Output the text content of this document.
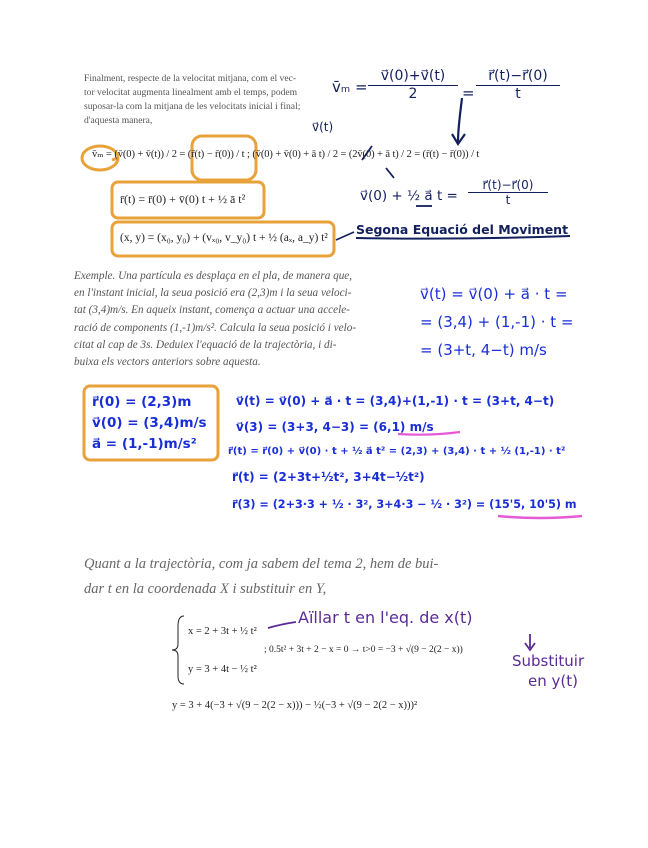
Finalment, respecte de la velocitat mitjana, com el vec-
tor velocitat augmenta linealment amb el temps, podem
suposar-la com la mitjana de les velocitats inicial i final;
d'aquesta manera,
v̄ₘ = $\frac{v⃗(0)+v⃗(t)}{2} = \frac{r⃗(t)-r⃗(0)}{t}$
v⃗(t)
v̄ₘ = (v̄(0) + v̄(t)) / 2 = (r̄(t) − r̄(0)) / t ; (v̄(0) + v̄(0) + ā t) / 2 = (2v̄(0) + ā t) / 2 = (r̄(t) − r̄(0)) / t
r̄(t) = r̄(0) + v̄(0) t + ½ ā t²
(x, y) = (x₀, y₀) + (vₓ₀, v_y₀) t + ½ (aₓ, a_y) t²
v⃗(0) + ½ a⃗ $t = \frac{r⃗(t)-r⃗(0)}{t}$
Segona Equació del Moviment
Exemple. Una partícula es desplaça en el pla, de manera que,
en l'instant inicial, la seua posició era (2,3)m i la seua veloci-
tat (3,4)m/s. En aqueix instant, comença a actuar una accele-
ració de components (1,-1)m/s². Calcula la seua posició i velo-
citat al cap de 3s. Deduiex l'equació de la trajectòria, i di-
buixa els vectors anteriors sobre aquesta.
v⃗(t) = v⃗(0) + a⃗ · t =
= (3,4) + (1,-1) · t =
= (3+t, 4−t) m/s
r⃗(0) = (2,3)m
v⃗(0) = (3,4)m/s
a⃗ = (1,-1)m/s²
v⃗(t) = v⃗(0) + a⃗ · t = (3,4)+(1,-1) · t = (3+t, 4−t)
v⃗(3) = (3+3, 4−3) = (6,1) m/s
r⃗(t) = r⃗(0) + v⃗(0) · t + ½ a⃗ t² = (2,3) + (3,4) · t + ½ (1,-1) · t²
r⃗(t) = (2+3t+½t², 3+4t−½t²)
r⃗(3) = (2+3·3 + ½ · 3², 3+4·3 − ½ · 3²) = (15'5, 10'5) m
Quant a la trajectòria, com ja sabem del tema 2, hem de bui-
dar t en la coordenada X i substituir en Y,
x = 2 + 3t + ½ t²
y = 3 + 4t − ½ t²
; 0.5t² + 3t + 2 − x = 0 → t>0 = −3 + √(9 − 2(2 − x))
y = 3 + 4(−3 + √(9 − 2(2 − x))) − ½(−3 + √(9 − 2(2 − x)))²
Aïllar t en l'eq. de x(t)
Substituir
en y(t)
